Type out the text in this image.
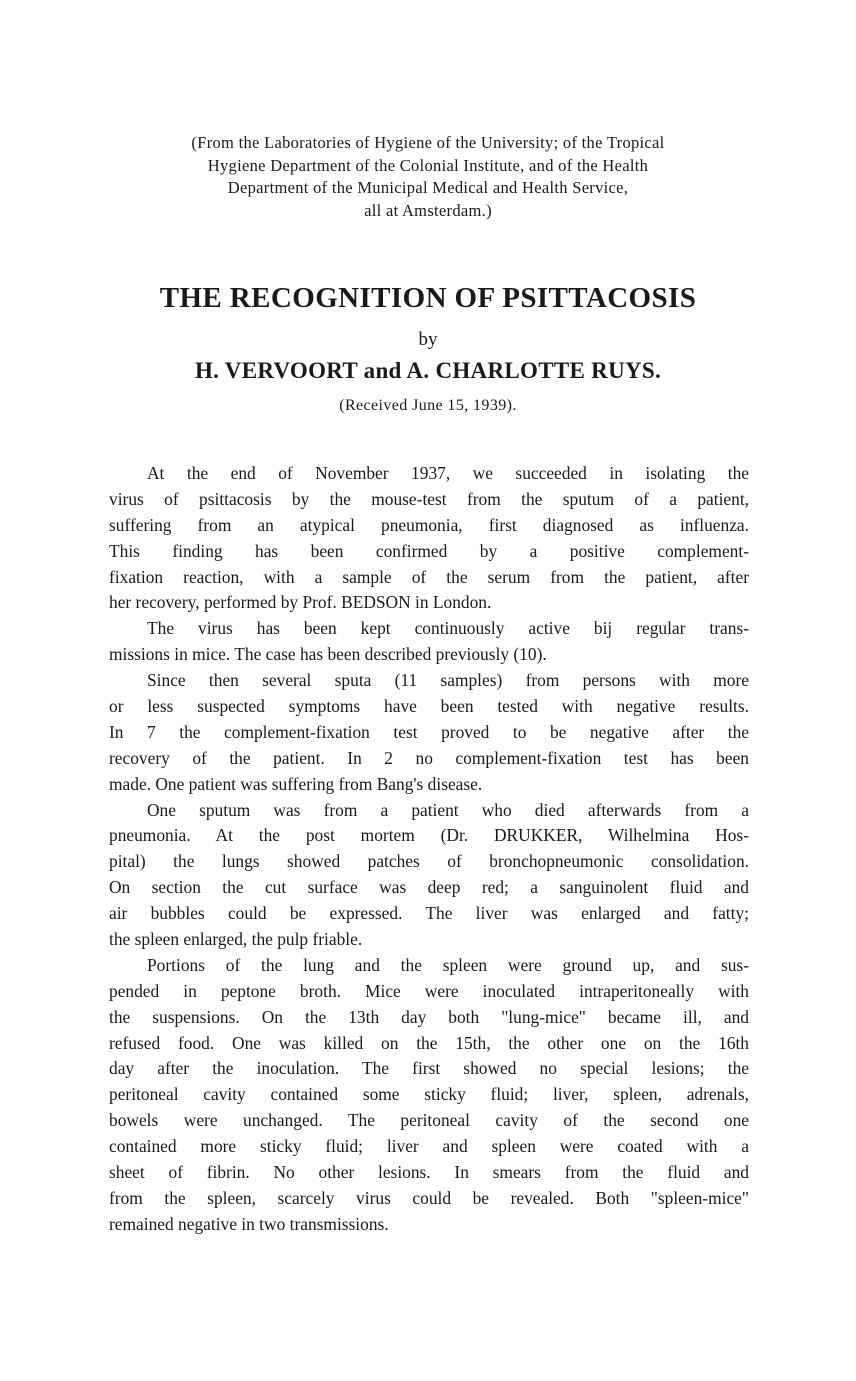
(From the Laboratories of Hygiene of the University; of the Tropical
Hygiene Department of the Colonial Institute, and of the Health
Department of the Municipal Medical and Health Service,
all at Amsterdam.)
THE RECOGNITION OF PSITTACOSIS
by
H. VERVOORT and A. CHARLOTTE RUYS.
(Received June 15, 1939).
At the end of November 1937, we succeeded in isolating the
virus of psittacosis by the mouse-test from the sputum of a patient,
suffering from an atypical pneumonia, first diagnosed as influenza.
This finding has been confirmed by a positive complement-
fixation reaction, with a sample of the serum from the patient, after
her recovery, performed by Prof. BEDSON in London.
The virus has been kept continuously active bij regular trans-
missions in mice. The case has been described previously (10).
Since then several sputa (11 samples) from persons with more
or less suspected symptoms have been tested with negative results.
In 7 the complement-fixation test proved to be negative after the
recovery of the patient. In 2 no complement-fixation test has been
made. One patient was suffering from Bang's disease.
One sputum was from a patient who died afterwards from a
pneumonia. At the post mortem (Dr. DRUKKER, Wilhelmina Hos-
pital) the lungs showed patches of bronchopneumonic consolidation.
On section the cut surface was deep red; a sanguinolent fluid and
air bubbles could be expressed. The liver was enlarged and fatty;
the spleen enlarged, the pulp friable.
Portions of the lung and the spleen were ground up, and sus-
pended in peptone broth. Mice were inoculated intraperitoneally with
the suspensions. On the 13th day both "lung-mice" became ill, and
refused food. One was killed on the 15th, the other one on the 16th
day after the inoculation. The first showed no special lesions; the
peritoneal cavity contained some sticky fluid; liver, spleen, adrenals,
bowels were unchanged. The peritoneal cavity of the second one
contained more sticky fluid; liver and spleen were coated with a
sheet of fibrin. No other lesions. In smears from the fluid and
from the spleen, scarcely virus could be revealed. Both "spleen-mice"
remained negative in two transmissions.
